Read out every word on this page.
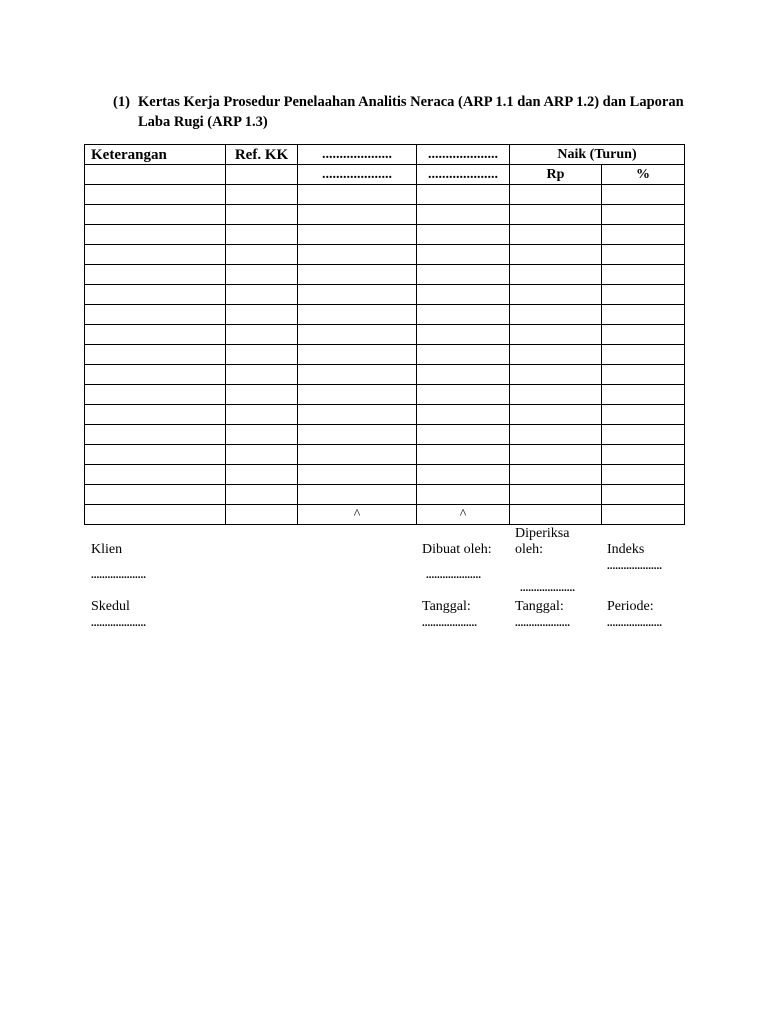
(1) Kertas Kerja Prosedur Penelaahan Analitis Neraca (ARP 1.1 dan ARP 1.2) dan Laporan
Laba Rugi (ARP 1.3)
Keterangan	Ref. KK	....................	....................	Naik (Turun)	
		....................	....................	Rp	%

		^	^		
Klien
....................
Skedul
....................
Dibuat oleh:
....................
Tanggal:
....................
Diperiksa
oleh:
....................
Tanggal:
....................
Indeks
....................
Periode:
....................
